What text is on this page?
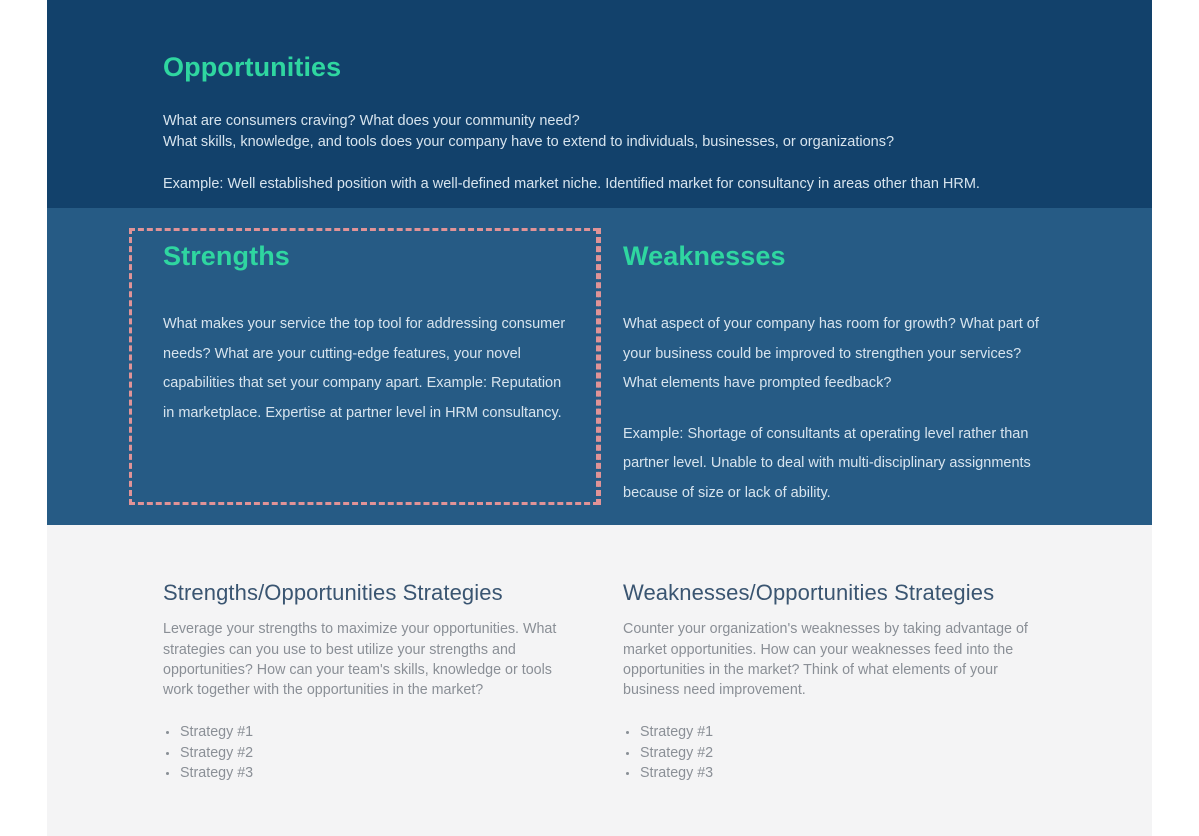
Opportunities

What are consumers craving? What does your community need?
What skills, knowledge, and tools does your company have to extend to individuals, businesses, or organizations?
Example: Well established position with a well-defined market niche. Identified market for consultancy in areas other than HRM.

Strengths

What makes your service the top tool for addressing consumer needs? What are your cutting-edge features, your novel capabilities that set your company apart. Example: Reputation in marketplace. Expertise at partner level in HRM consultancy.

Weaknesses

What aspect of your company has room for growth? What part of your business could be improved to strengthen your services? What elements have prompted feedback?
Example: Shortage of consultants at operating level rather than partner level. Unable to deal with multi-disciplinary assignments because of size or lack of ability.

Strengths/Opportunities Strategies

Leverage your strengths to maximize your opportunities. What strategies can you use to best utilize your strengths and opportunities? How can your team's skills, knowledge or tools work together with the opportunities in the market?

Strategy #1
Strategy #2
Strategy #3
Weaknesses/Opportunities Strategies

Counter your organization's weaknesses by taking advantage of market opportunities. How can your weaknesses feed into the opportunities in the market? Think of what elements of your business need improvement.

Strategy #1
Strategy #2
Strategy #3
